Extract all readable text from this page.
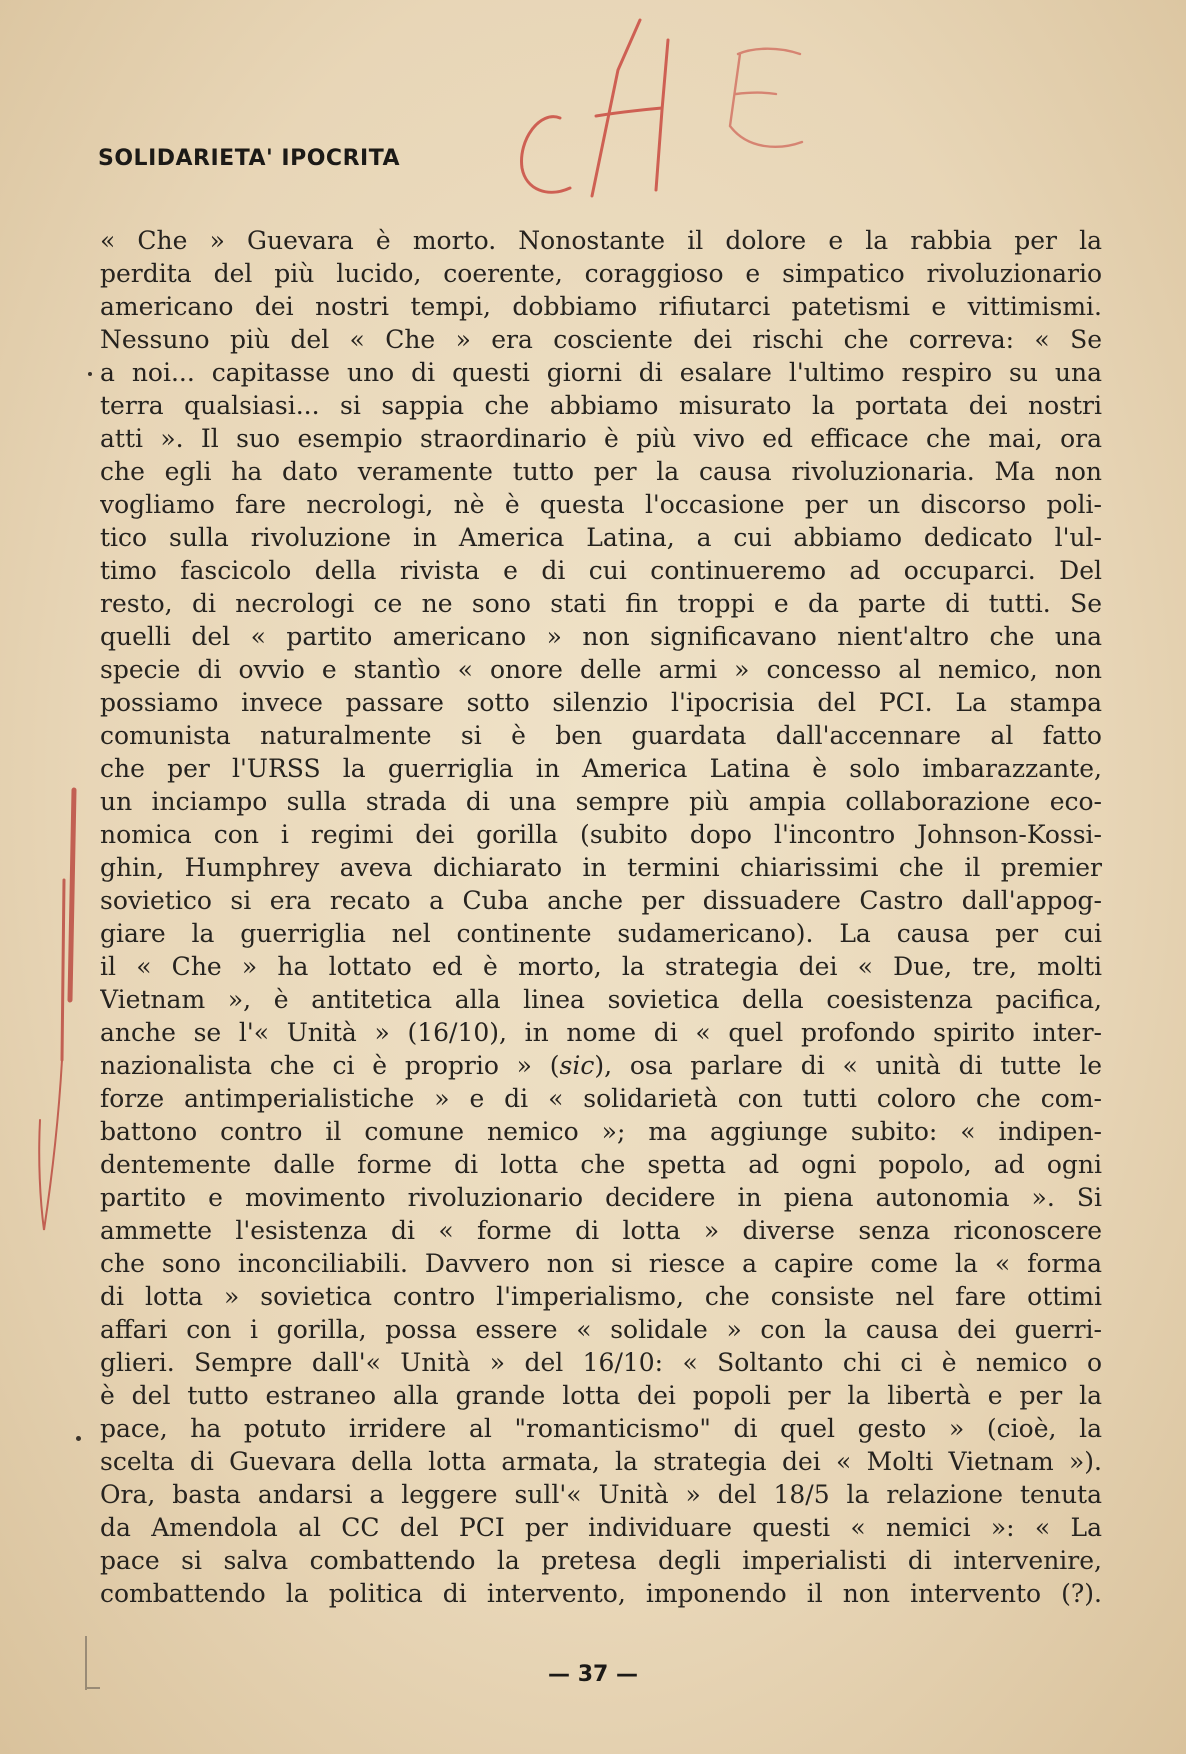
SOLIDARIETA' IPOCRITA
« Che » Guevara è morto. Nonostante il dolore e la rabbia per la
perdita del più lucido, coerente, coraggioso e simpatico rivoluzionario
americano dei nostri tempi, dobbiamo rifiutarci patetismi e vittimismi.
Nessuno più del « Che » era cosciente dei rischi che correva: « Se
a noi... capitasse uno di questi giorni di esalare l'ultimo respiro su una
terra qualsiasi... si sappia che abbiamo misurato la portata dei nostri
atti ». Il suo esempio straordinario è più vivo ed efficace che mai, ora
che egli ha dato veramente tutto per la causa rivoluzionaria. Ma non
vogliamo fare necrologi, nè è questa l'occasione per un discorso poli-
tico sulla rivoluzione in America Latina, a cui abbiamo dedicato l'ul-
timo fascicolo della rivista e di cui continueremo ad occuparci. Del
resto, di necrologi ce ne sono stati fin troppi e da parte di tutti. Se
quelli del « partito americano » non significavano nient'altro che una
specie di ovvio e stantìo « onore delle armi » concesso al nemico, non
possiamo invece passare sotto silenzio l'ipocrisia del PCI. La stampa
comunista naturalmente si è ben guardata dall'accennare al fatto
che per l'URSS la guerriglia in America Latina è solo imbarazzante,
un inciampo sulla strada di una sempre più ampia collaborazione eco-
nomica con i regimi dei gorilla (subito dopo l'incontro Johnson-Kossi-
ghin, Humphrey aveva dichiarato in termini chiarissimi che il premier
sovietico si era recato a Cuba anche per dissuadere Castro dall'appog-
giare la guerriglia nel continente sudamericano). La causa per cui
il « Che » ha lottato ed è morto, la strategia dei « Due, tre, molti
Vietnam », è antitetica alla linea sovietica della coesistenza pacifica,
anche se l'« Unità » (16/10), in nome di « quel profondo spirito inter-
nazionalista che ci è proprio » (sic), osa parlare di « unità di tutte le
forze antimperialistiche » e di « solidarietà con tutti coloro che com-
battono contro il comune nemico »; ma aggiunge subito: « indipen-
dentemente dalle forme di lotta che spetta ad ogni popolo, ad ogni
partito e movimento rivoluzionario decidere in piena autonomia ». Si
ammette l'esistenza di « forme di lotta » diverse senza riconoscere
che sono inconciliabili. Davvero non si riesce a capire come la « forma
di lotta » sovietica contro l'imperialismo, che consiste nel fare ottimi
affari con i gorilla, possa essere « solidale » con la causa dei guerri-
glieri. Sempre dall'« Unità » del 16/10: « Soltanto chi ci è nemico o
è del tutto estraneo alla grande lotta dei popoli per la libertà e per la
pace, ha potuto irridere al "romanticismo" di quel gesto » (cioè, la
scelta di Guevara della lotta armata, la strategia dei « Molti Vietnam »).
Ora, basta andarsi a leggere sull'« Unità » del 18/5 la relazione tenuta
da Amendola al CC del PCI per individuare questi « nemici »: « La
pace si salva combattendo la pretesa degli imperialisti di intervenire,
combattendo la politica di intervento, imponendo il non intervento (?).
— 37 —
